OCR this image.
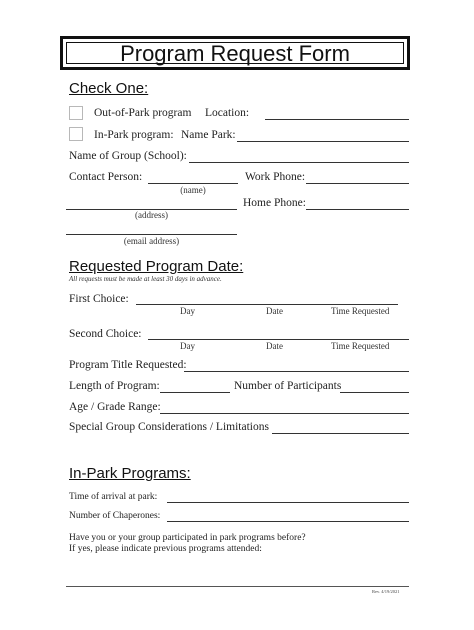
Program Request Form
Check One:
Out-of-Park program Location:
In-Park program: Name Park:
Name of Group (School):
Contact Person:
(name)
Work Phone:
(address)
Home Phone:
(email address)
Requested Program Date:
All requests must be made at least 30 days in advance.
First Choice:
Day	Date	Time Requested
Second Choice:
Day	Date	Time Requested
Program Title Requested:
Length of Program:	Number of Participants
Age / Grade Range:
Special Group Considerations / Limitations
In-Park Programs:
Time of arrival at park:
Number of Chaperones:
Have you or your group participated in park programs before?
If yes, please indicate previous programs attended:
Rev. 4/19/2021
